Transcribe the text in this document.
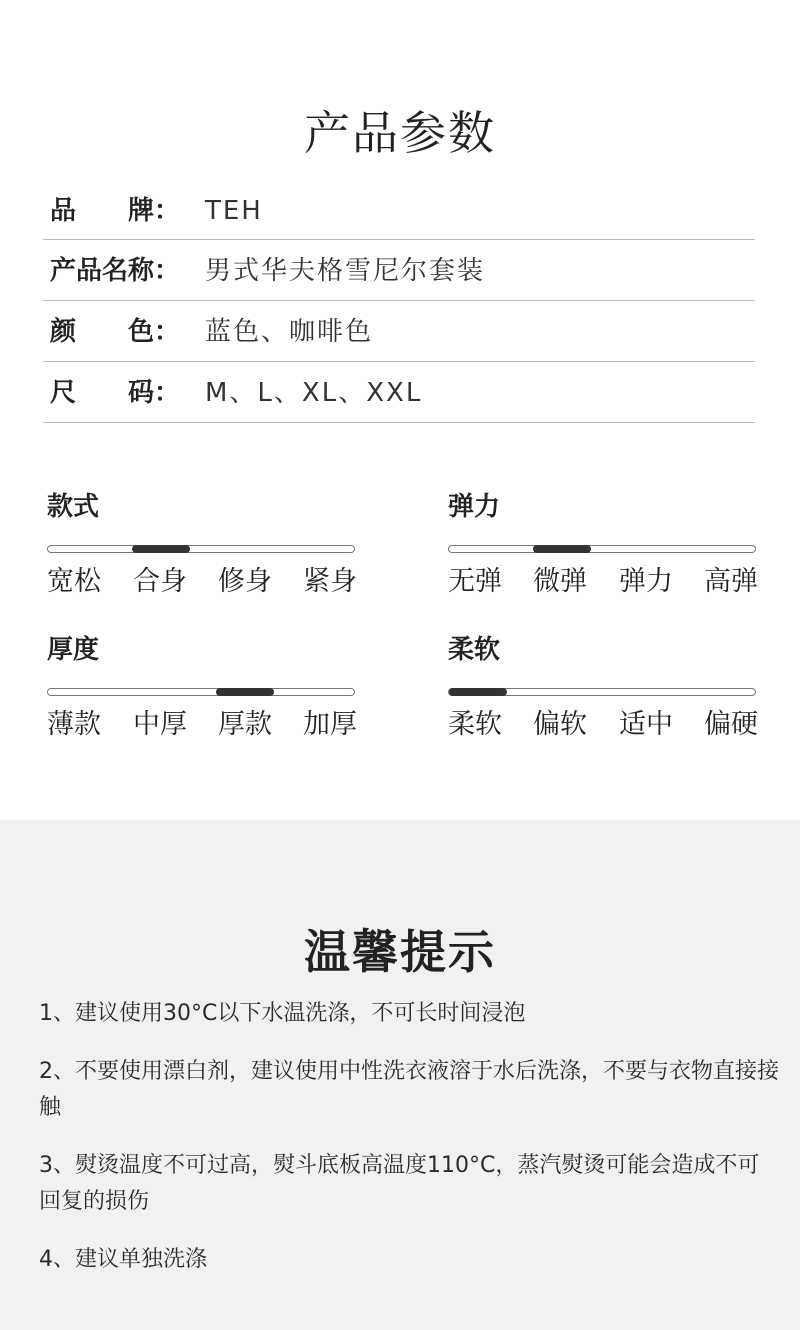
产品参数
品　　牌： TEH
产品名称： 男式华夫格雪尼尔套装
颜　　色： 蓝色、咖啡色
尺　　码： M、L、XL、XXL
款式
宽松 合身 修身 紧身
弹力
无弹 微弹 弹力 高弹
厚度
薄款 中厚 厚款 加厚
柔软
柔软 偏软 适中 偏硬
温馨提示

1、建议使用30°C以下水温洗涤，不可长时间浸泡

2、不要使用漂白剂，建议使用中性洗衣液溶于水后洗涤，不要与衣物直接接触

3、熨烫温度不可过高，熨斗底板高温度110°C，蒸汽熨烫可能会造成不可回复的损伤

4、建议单独洗涤
